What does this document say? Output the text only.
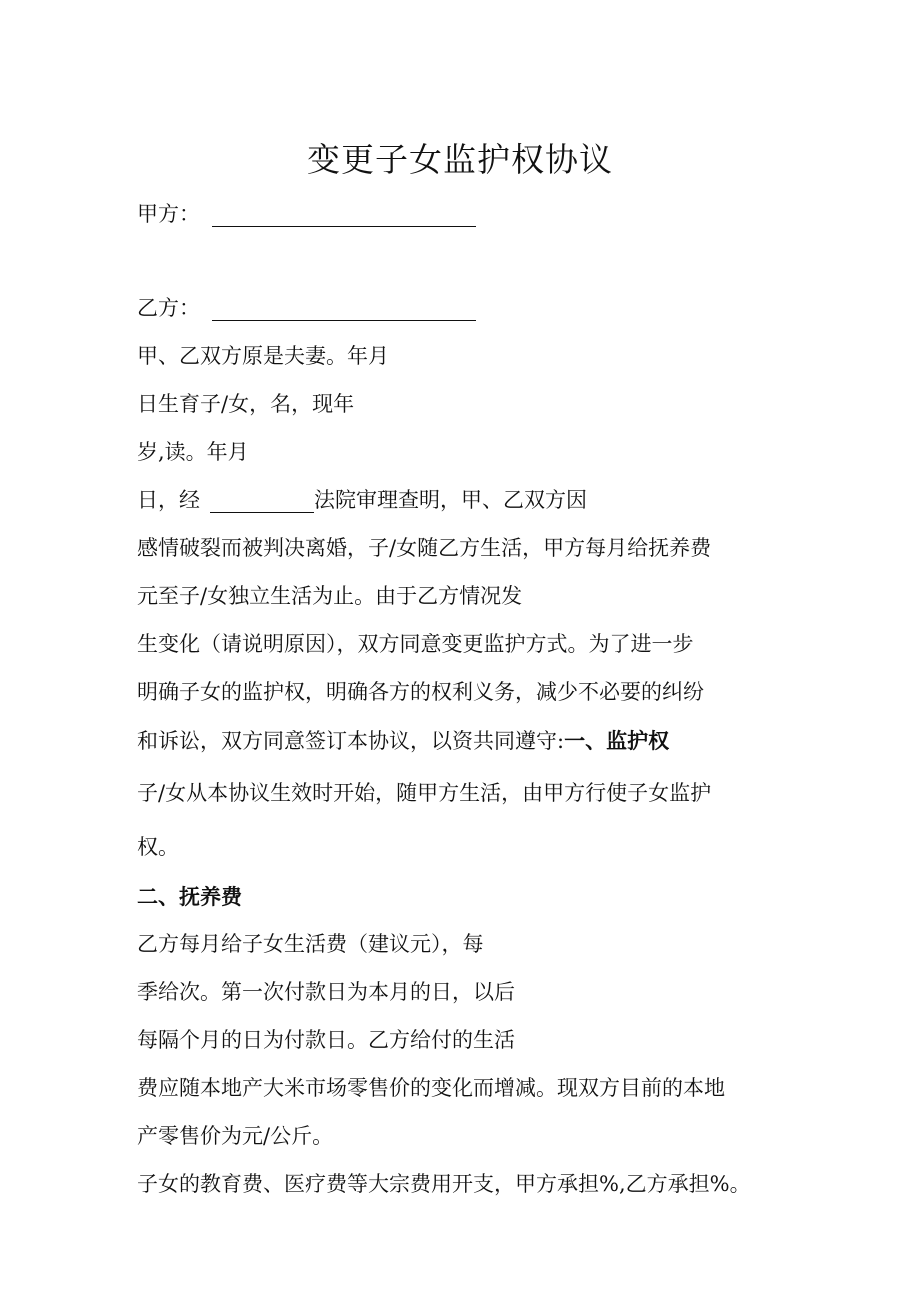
变更子女监护权协议
甲方：
乙方：
甲、乙双方原是夫妻。年月
日生育子/女，名，现年
岁,读。年月
日，经	法院审理查明，甲、乙双方因
感情破裂而被判决离婚，子/女随乙方生活，甲方每月给抚养费
元至子/女独立生活为止。由于乙方情况发
生变化（请说明原因），双方同意变更监护方式。为了进一步
明确子女的监护权，明确各方的权利义务，减少不必要的纠纷
和诉讼，双方同意签订本协议，以资共同遵守:一、监护权
子/女从本协议生效时开始，随甲方生活，由甲方行使子女监护
权。
二、抚养费
乙方每月给子女生活费（建议元），每
季给次。第一次付款日为本月的日，以后
每隔个月的日为付款日。乙方给付的生活
费应随本地产大米市场零售价的变化而增减。现双方目前的本地
产零售价为元/公斤。
子女的教育费、医疗费等大宗费用开支，甲方承担%,乙方承担%。
